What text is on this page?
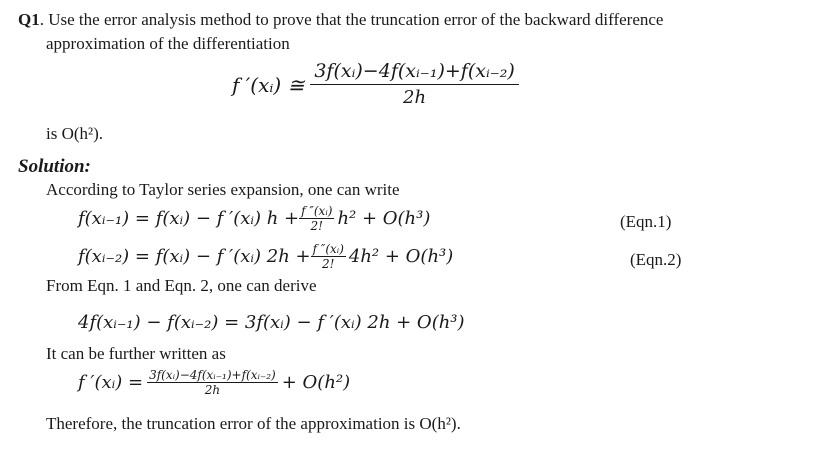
Q1. Use the error analysis method to prove that the truncation error of the backward difference
approximation of the differentiation
f ′(xᵢ) ≅ $\frac{\text{3f(xᵢ)−4f(xᵢ₋₁)+f(xᵢ₋₂)}}{2h}$
is O(h²).
Solution:
According to Taylor series expansion, one can write
f(xᵢ₋₁) = f(xᵢ) − f ′(xᵢ) $h + \frac{\text{f ″(xᵢ)}}{2!} h^2 + O(h^3)$	(Eqn.1)
f(xᵢ₋₂) = f(xᵢ) − f ′(xᵢ) $2h + \frac{\text{f ″(xᵢ)}}{2!} 4h^2 + O(h^3)$	(Eqn.2)
From Eqn. 1 and Eqn. 2, one can derive
4f(xᵢ₋₁) − f(xᵢ₋₂) = 3f(xᵢ) − f ′(xᵢ) 2h + O(h³)
It can be further written as
f ′(xᵢ) = $\frac{\text{3f(xᵢ)−4f(xᵢ₋₁)+f(xᵢ₋₂)}}{2h} + O(h^2)$
Therefore, the truncation error of the approximation is O(h²).
